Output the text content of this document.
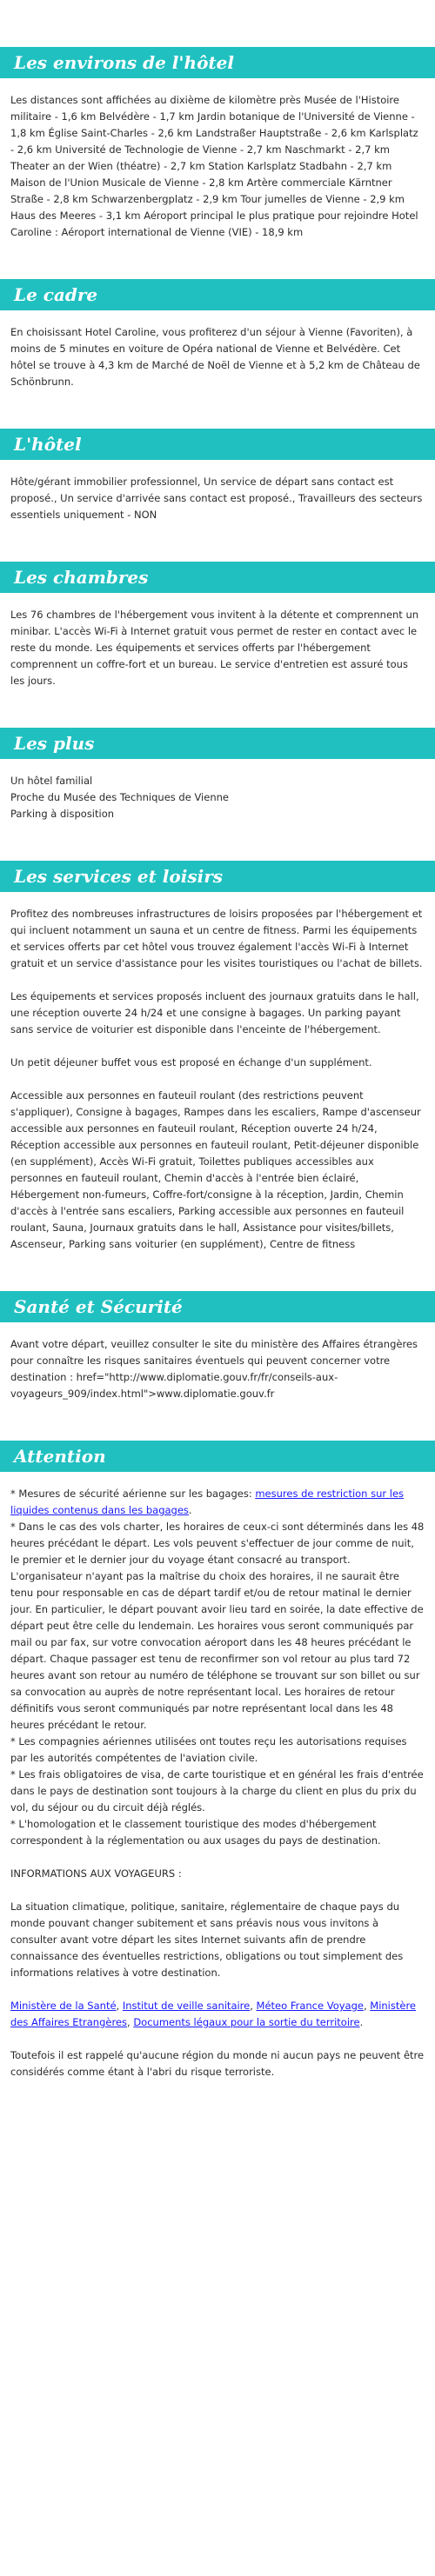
Les environs de l'hôtel

Les distances sont affichées au dixième de kilomètre près Musée de l'Histoire militaire - 1,6 km Belvédère - 1,7 km Jardin botanique de l'Université de Vienne - 1,8 km Église Saint-Charles - 2,6 km Landstraßer Hauptstraße - 2,6 km Karlsplatz - 2,6 km Université de Technologie de Vienne - 2,7 km Naschmarkt - 2,7 km Theater an der Wien (théatre) - 2,7 km Station Karlsplatz Stadbahn - 2,7 km Maison de l'Union Musicale de Vienne - 2,8 km Artère commerciale Kärntner Straße - 2,8 km Schwarzenbergplatz - 2,9 km Tour jumelles de Vienne - 2,9 km Haus des Meeres - 3,1 km Aéroport principal le plus pratique pour rejoindre Hotel Caroline : Aéroport international de Vienne (VIE) - 18,9 km

Le cadre

En choisissant Hotel Caroline, vous profiterez d'un séjour à Vienne (Favoriten), à moins de 5 minutes en voiture de Opéra national de Vienne et Belvédère. Cet hôtel se trouve à 4,3 km de Marché de Noël de Vienne et à 5,2 km de Château de Schönbrunn.

L'hôtel

Hôte/gérant immobilier professionnel, Un service de départ sans contact est proposé., Un service d'arrivée sans contact est proposé., Travailleurs des secteurs essentiels uniquement - NON

Les chambres

Les 76 chambres de l'hébergement vous invitent à la détente et comprennent un minibar. L'accès Wi-Fi à Internet gratuit vous permet de rester en contact avec le reste du monde. Les équipements et services offerts par l'hébergement comprennent un coffre-fort et un bureau. Le service d'entretien est assuré tous les jours.

Les plus

Un hôtel familial

Proche du Musée des Techniques de Vienne

Parking à disposition

Les services et loisirs

Profitez des nombreuses infrastructures de loisirs proposées par l'hébergement et qui incluent notamment un sauna et un centre de fitness. Parmi les équipements et services offerts par cet hôtel vous trouvez également l'accès Wi-Fi à Internet gratuit et un service d'assistance pour les visites touristiques ou l'achat de billets.

Les équipements et services proposés incluent des journaux gratuits dans le hall, une réception ouverte 24 h/24 et une consigne à bagages. Un parking payant sans service de voiturier est disponible dans l'enceinte de l'hébergement.

Un petit déjeuner buffet vous est proposé en échange d'un supplément.

Accessible aux personnes en fauteuil roulant (des restrictions peuvent s'appliquer), Consigne à bagages, Rampes dans les escaliers, Rampe d'ascenseur accessible aux personnes en fauteuil roulant, Réception ouverte 24 h/24, Réception accessible aux personnes en fauteuil roulant, Petit-déjeuner disponible (en supplément), Accès Wi-Fi gratuit, Toilettes publiques accessibles aux personnes en fauteuil roulant, Chemin d'accès à l'entrée bien éclairé, Hébergement non-fumeurs, Coffre-fort/consigne à la réception, Jardin, Chemin d'accès à l'entrée sans escaliers, Parking accessible aux personnes en fauteuil roulant, Sauna, Journaux gratuits dans le hall, Assistance pour visites/billets, Ascenseur, Parking sans voiturier (en supplément), Centre de fitness

Santé et Sécurité

Avant votre départ, veuillez consulter le site du ministère des Affaires étrangères pour connaître les risques sanitaires éventuels qui peuvent concerner votre destination : href="http://www.diplomatie.gouv.fr/fr/conseils-aux-voyageurs_909/index.html">www.diplomatie.gouv.fr

Attention
* Mesures de sécurité aérienne sur les bagages: mesures de restriction sur les liquides contenus dans les bagages.
* Dans le cas des vols charter, les horaires de ceux-ci sont déterminés dans les 48 heures précédant le départ. Les vols peuvent s'effectuer de jour comme de nuit, le premier et le dernier jour du voyage étant consacré au transport. L'organisateur n'ayant pas la maîtrise du choix des horaires, il ne saurait être tenu pour responsable en cas de départ tardif et/ou de retour matinal le dernier jour. En particulier, le départ pouvant avoir lieu tard en soirée, la date effective de départ peut être celle du lendemain. Les horaires vous seront communiqués par mail ou par fax, sur votre convocation aéroport dans les 48 heures précédant le départ. Chaque passager est tenu de reconfirmer son vol retour au plus tard 72 heures avant son retour au numéro de téléphone se trouvant sur son billet ou sur sa convocation au auprès de notre représentant local. Les horaires de retour définitifs vous seront communiqués par notre représentant local dans les 48 heures précédant le retour.
* Les compagnies aériennes utilisées ont toutes reçu les autorisations requises par les autorités compétentes de l'aviation civile.
* Les frais obligatoires de visa, de carte touristique et en général les frais d'entrée dans le pays de destination sont toujours à la charge du client en plus du prix du vol, du séjour ou du circuit déjà réglés.
* L'homologation et le classement touristique des modes d'hébergement correspondent à la réglementation ou aux usages du pays de destination.

INFORMATIONS AUX VOYAGEURS :

La situation climatique, politique, sanitaire, réglementaire de chaque pays du monde pouvant changer subitement et sans préavis nous vous invitons à consulter avant votre départ les sites Internet suivants afin de prendre connaissance des éventuelles restrictions, obligations ou tout simplement des informations relatives à votre destination.

Ministère de la Santé, Institut de veille sanitaire, Méteo France Voyage, Ministère des Affaires Etrangères, Documents légaux pour la sortie du territoire.

Toutefois il est rappelé qu'aucune région du monde ni aucun pays ne peuvent être considérés comme étant à l'abri du risque terroriste.
